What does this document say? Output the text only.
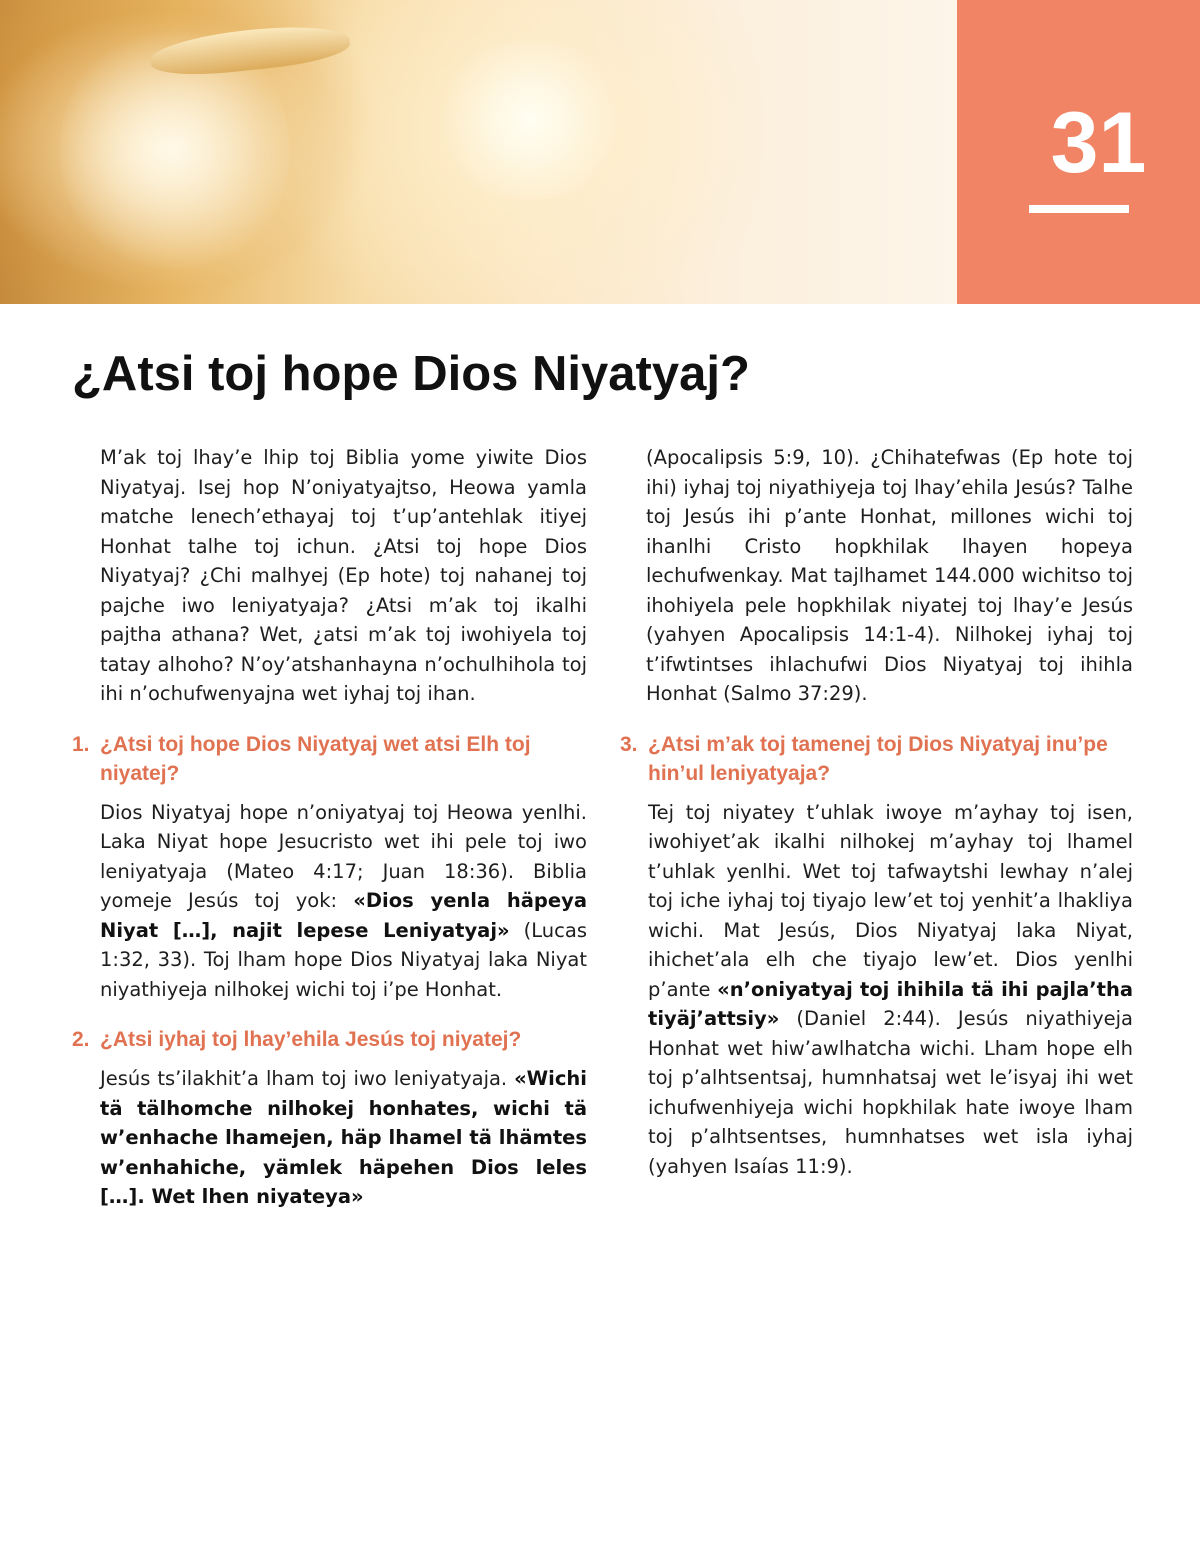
31
¿Atsi toj hope Dios Niyatyaj?

M’ak toj lhay’e lhip toj Biblia yome yiwite Dios Niyatyaj. Isej hop N’oniyatyajtso, Heowa yamla matche lenech’ethayaj toj t’up’antehlak itiyej Honhat talhe toj ichun. ¿Atsi toj hope Dios Niyatyaj? ¿Chi malhyej (Ep hote) toj nahanej toj pajche iwo leniyatyaja? ¿Atsi m’ak toj ikalhi pajtha athana? Wet, ¿atsi m’ak toj iwohiyela toj tatay alhoho? N’oy’atshanhayna n’ochulhihola toj ihi n’ochufwenyajna wet iyhaj toj ihan.

1. ¿Atsi toj hope Dios Niyatyaj wet atsi Elh toj niyatej?

Dios Niyatyaj hope n’oniyatyaj toj Heowa yenlhi. Laka Niyat hope Jesucristo wet ihi pele toj iwo leniyatyaja (Mateo 4:17; Juan 18:36). Biblia yomeje Jesús toj yok: «Dios yenla häpeya Niyat […], najit lepese Leniyatyaj» (Lucas 1:32, 33). Toj lham hope Dios Niyatyaj laka Niyat niyathiyeja nilhokej wichi toj i’pe Honhat.

2. ¿Atsi iyhaj toj lhay’ehila Jesús toj niyatej?

Jesús ts’ilakhit’a lham toj iwo leniyatyaja. «Wichi tä tälhomche nilhokej honhates, wichi tä w’enhache lhamejen, häp lhamel tä lhämtes w’enhahiche, yämlek häpehen Dios leles […]. Wet lhen niyateya»

(Apocalipsis 5:9, 10). ¿Chihatefwas (Ep hote toj ihi) iyhaj toj niyathiyeja toj lhay’ehila Jesús? Talhe toj Jesús ihi p’ante Honhat, millones wichi toj ihanlhi Cristo hopkhilak lhayen hopeya lechufwenkay. Mat tajlhamet 144.000 wichitso toj ihohiyela pele hopkhilak niyatej toj lhay’e Jesús (yahyen Apocalipsis 14:1-4). Nilhokej iyhaj toj t’ifwtintses ihlachufwi Dios Niyatyaj toj ihihla Honhat (Salmo 37:29).

3. ¿Atsi m’ak toj tamenej toj Dios Niyatyaj inu’pe hin’ul leniyatyaja?

Tej toj niyatey t’uhlak iwoye m’ayhay toj isen, iwohiyet’ak ikalhi nilhokej m’ayhay toj lhamel t’uhlak yenlhi. Wet toj tafwaytshi lewhay n’alej toj iche iyhaj toj tiyajo lew’et toj yenhit’a lhakliya wichi. Mat Jesús, Dios Niyatyaj laka Niyat, ihichet’ala elh che tiyajo lew’et. Dios yenlhi p’ante «n’oniyatyaj toj ihihila tä ihi pajla’tha tiyäj’attsiy» (Daniel 2:44). Jesús niyathiyeja Honhat wet hiw’awlhatcha wichi. Lham hope elh toj p’alhtsentsaj, humnhatsaj wet le’isyaj ihi wet ichufwenhiyeja wichi hopkhilak hate iwoye lham toj p’alhtsentses, humnhatses wet isla iyhaj (yahyen Isaías 11:9).
